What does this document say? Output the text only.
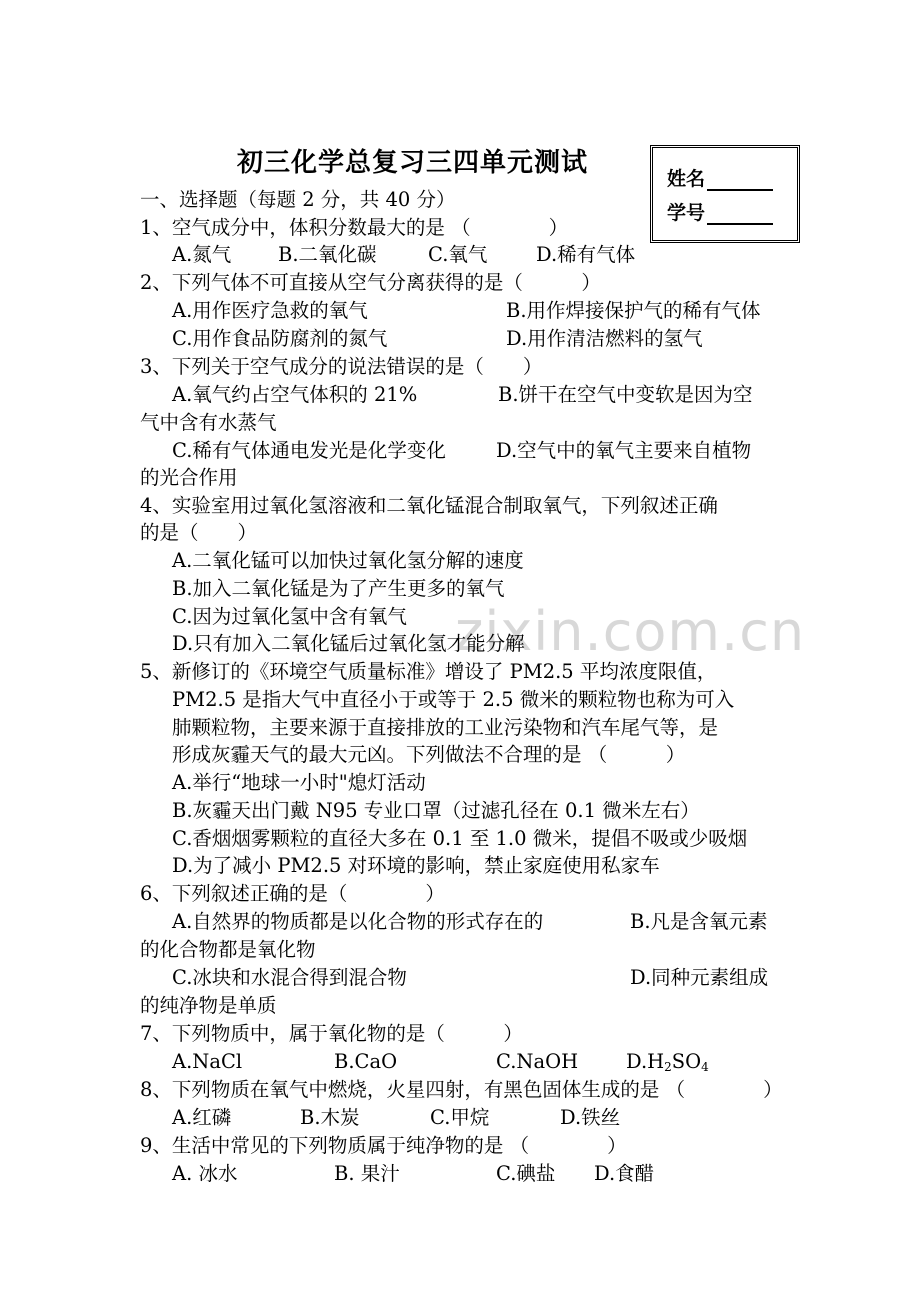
zixin.com.cn
初三化学总复习三四单元测试
姓名
学号
一、选择题（每题 2 分，共 40 分）
1、空气成分中，体积分数最大的是 （　　　　）
A.氮气 B.二氧化碳	C.氧气 D.稀有气体
2、下列气体不可直接从空气分离获得的是（　　　）
A.用作医疗急救的氧气	B.用作焊接保护气的稀有气体
C.用作食品防腐剂的氮气	D.用作清洁燃料的氢气
3、下列关于空气成分的说法错误的是（　　）
A.氧气约占空气体积的 21%	B.饼干在空气中变软是因为空
气中含有水蒸气
C.稀有气体通电发光是化学变化	D.空气中的氧气主要来自植物
的光合作用
4、实验室用过氧化氢溶液和二氧化锰混合制取氧气，下列叙述正确
的是（　　）
A.二氧化锰可以加快过氧化氢分解的速度
B.加入二氧化锰是为了产生更多的氧气
C.因为过氧化氢中含有氧气
D.只有加入二氧化锰后过氧化氢才能分解
5、新修订的《环境空气质量标准》增设了 PM2.5 平均浓度限值，
PM2.5 是指大气中直径小于或等于 2.5 微米的颗粒物也称为可入
肺颗粒物，主要来源于直接排放的工业污染物和汽车尾气等，是
形成灰霾天气的最大元凶。下列做法不合理的是 （　　　）
A.举行“地球一小时"熄灯活动
B.灰霾天出门戴 N95 专业口罩（过滤孔径在 0.1 微米左右）
C.香烟烟雾颗粒的直径大多在 0.1 至 1.0 微米，提倡不吸或少吸烟
D.为了减小 PM2.5 对环境的影响，禁止家庭使用私家车
6、下列叙述正确的是（　　　　）
A.自然界的物质都是以化合物的形式存在的	B.凡是含氧元素
的化合物都是氧化物
C.冰块和水混合得到混合物	D.同种元素组成
的纯净物是单质
7、下列物质中，属于氧化物的是（　　　）
A.NaCl	B.CaO	C.NaOH $D.H_2SO_4$
8、下列物质在氧气中燃烧，火星四射，有黑色固体生成的是 （　　　　）
A.红磷	B.木炭	C.甲烷	D.铁丝
9、生活中常见的下列物质属于纯净物的是 （　　　　）
A. 冰水	B. 果汁	C.碘盐 D.食醋
